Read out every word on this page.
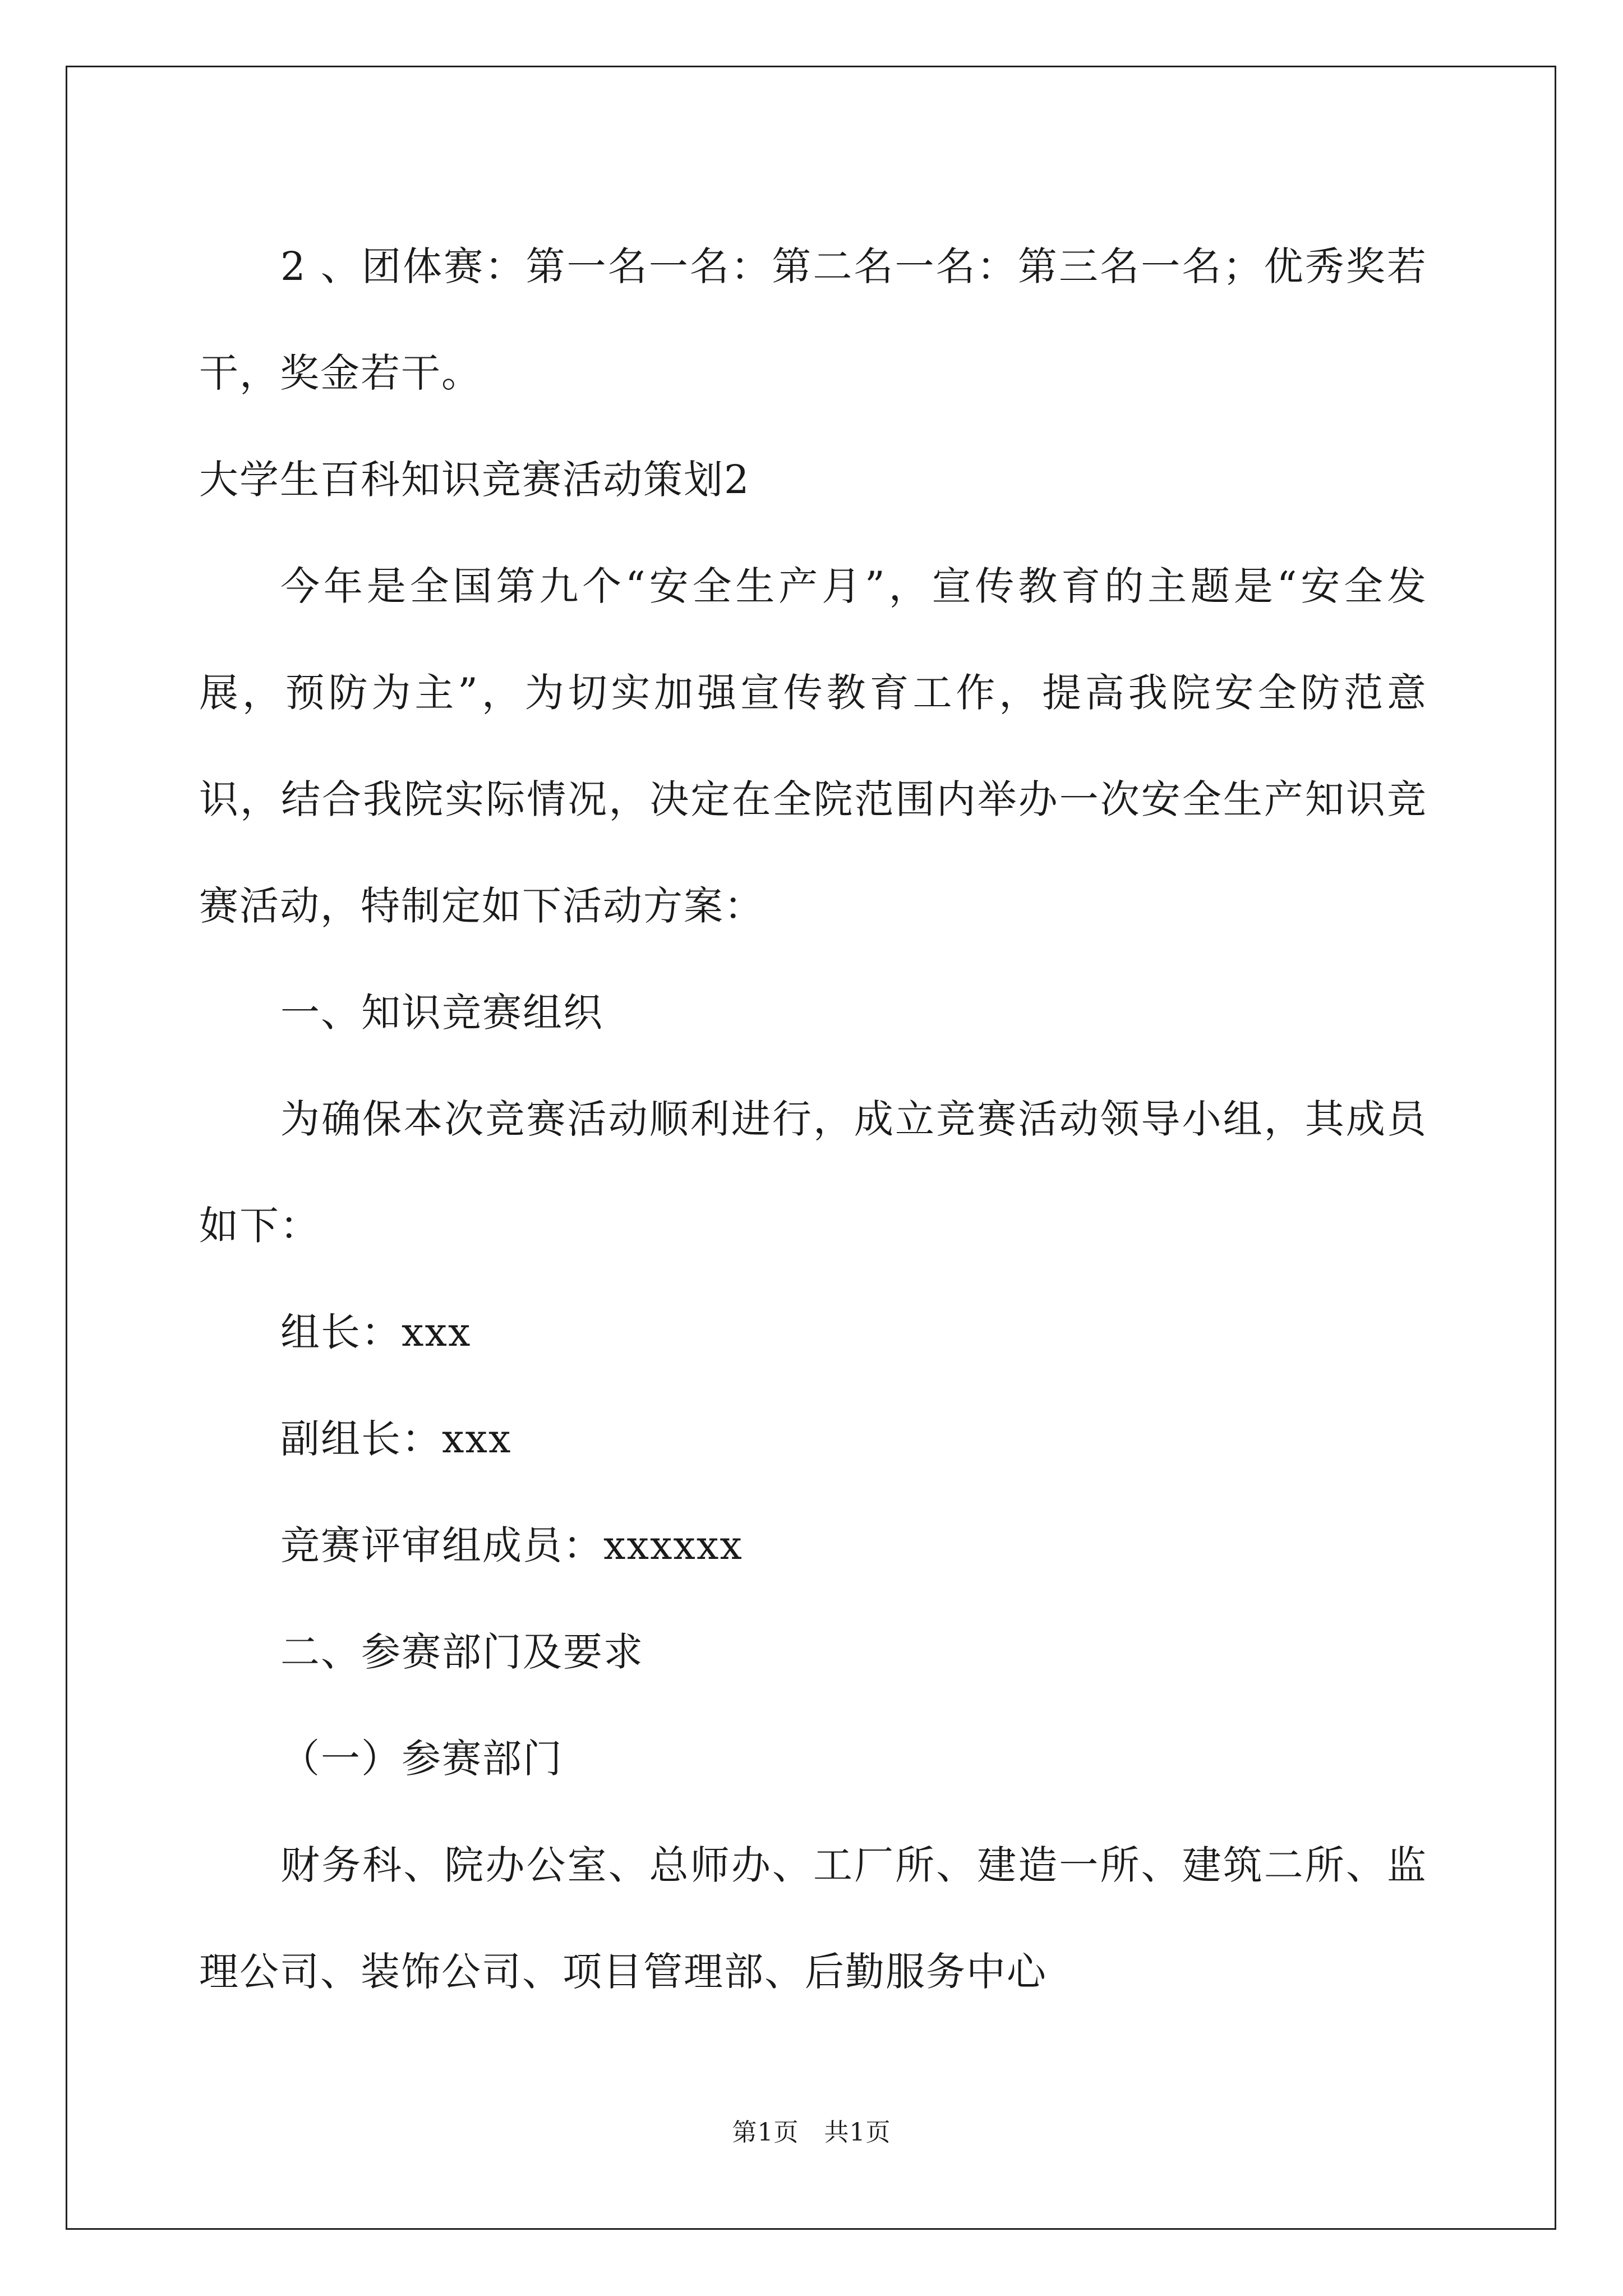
2 、团体赛：第一名一名：第二名一名：第三名一名；优秀奖若干，奖金若干。

大学生百科知识竞赛活动策划2

今年是全国第九个“安全生产月”，宣传教育的主题是“安全发展，预防为主”，为切实加强宣传教育工作，提高我院安全防范意识，结合我院实际情况，决定在全院范围内举办一次安全生产知识竞赛活动，特制定如下活动方案：

一、知识竞赛组织

为确保本次竞赛活动顺利进行，成立竞赛活动领导小组，其成员如下：

组长：xxx

副组长：xxx

竞赛评审组成员：xxxxxx

二、参赛部门及要求

（一）参赛部门

财务科、院办公室、总师办、工厂所、建造一所、建筑二所、监理公司、装饰公司、项目管理部、后勤服务中心

第1页　共1页
